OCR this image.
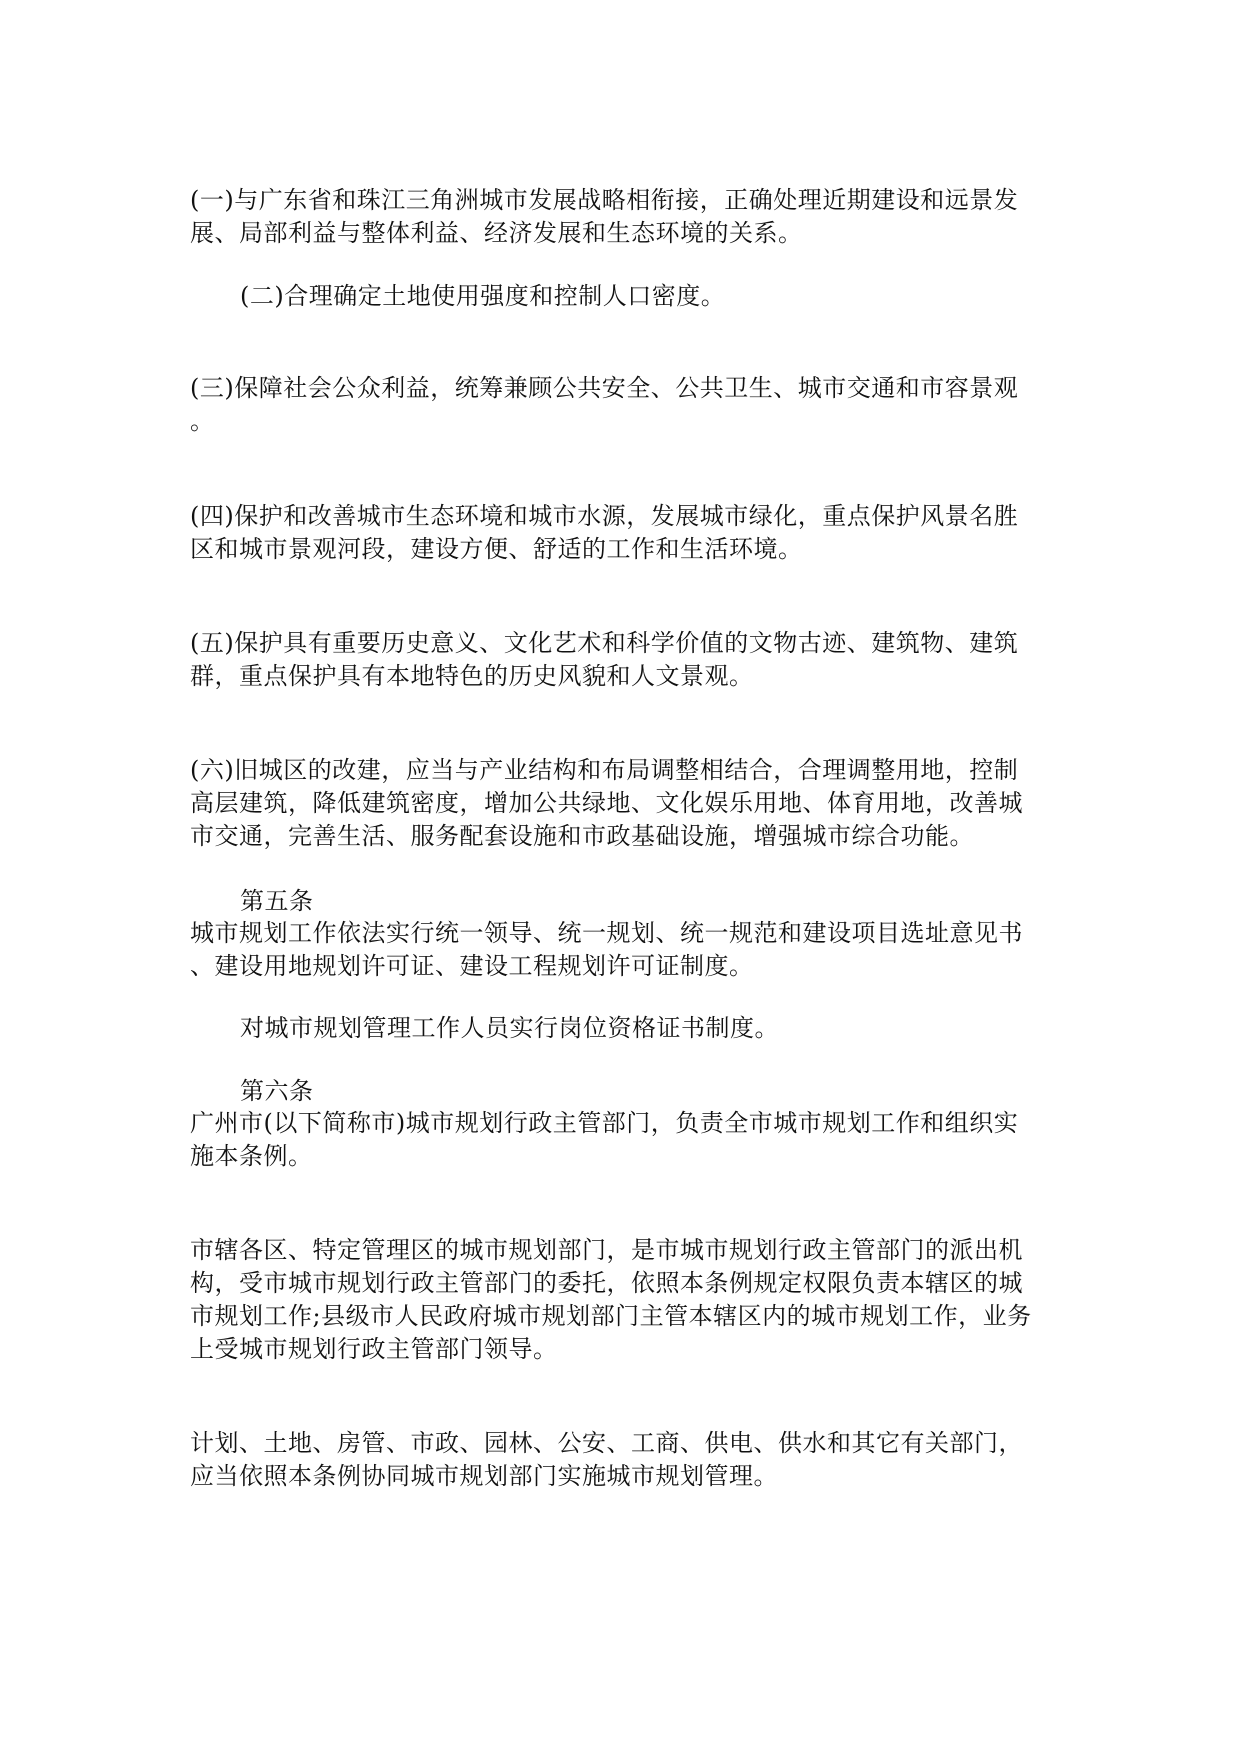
(一)与广东省和珠江三角洲城市发展战略相衔接，正确处理近期建设和远景发
展、局部利益与整体利益、经济发展和生态环境的关系。
(二)合理确定土地使用强度和控制人口密度。
(三)保障社会公众利益，统筹兼顾公共安全、公共卫生、城市交通和市容景观
。
(四)保护和改善城市生态环境和城市水源，发展城市绿化，重点保护风景名胜
区和城市景观河段，建设方便、舒适的工作和生活环境。
(五)保护具有重要历史意义、文化艺术和科学价值的文物古迹、建筑物、建筑
群，重点保护具有本地特色的历史风貌和人文景观。
(六)旧城区的改建，应当与产业结构和布局调整相结合，合理调整用地，控制
高层建筑，降低建筑密度，增加公共绿地、文化娱乐用地、体育用地，改善城
市交通，完善生活、服务配套设施和市政基础设施，增强城市综合功能。
第五条
城市规划工作依法实行统一领导、统一规划、统一规范和建设项目选址意见书
、建设用地规划许可证、建设工程规划许可证制度。
对城市规划管理工作人员实行岗位资格证书制度。
第六条
广州市(以下简称市)城市规划行政主管部门，负责全市城市规划工作和组织实
施本条例。
市辖各区、特定管理区的城市规划部门，是市城市规划行政主管部门的派出机
构，受市城市规划行政主管部门的委托，依照本条例规定权限负责本辖区的城
市规划工作;县级市人民政府城市规划部门主管本辖区内的城市规划工作，业务
上受城市规划行政主管部门领导。
计划、土地、房管、市政、园林、公安、工商、供电、供水和其它有关部门，
应当依照本条例协同城市规划部门实施城市规划管理。
